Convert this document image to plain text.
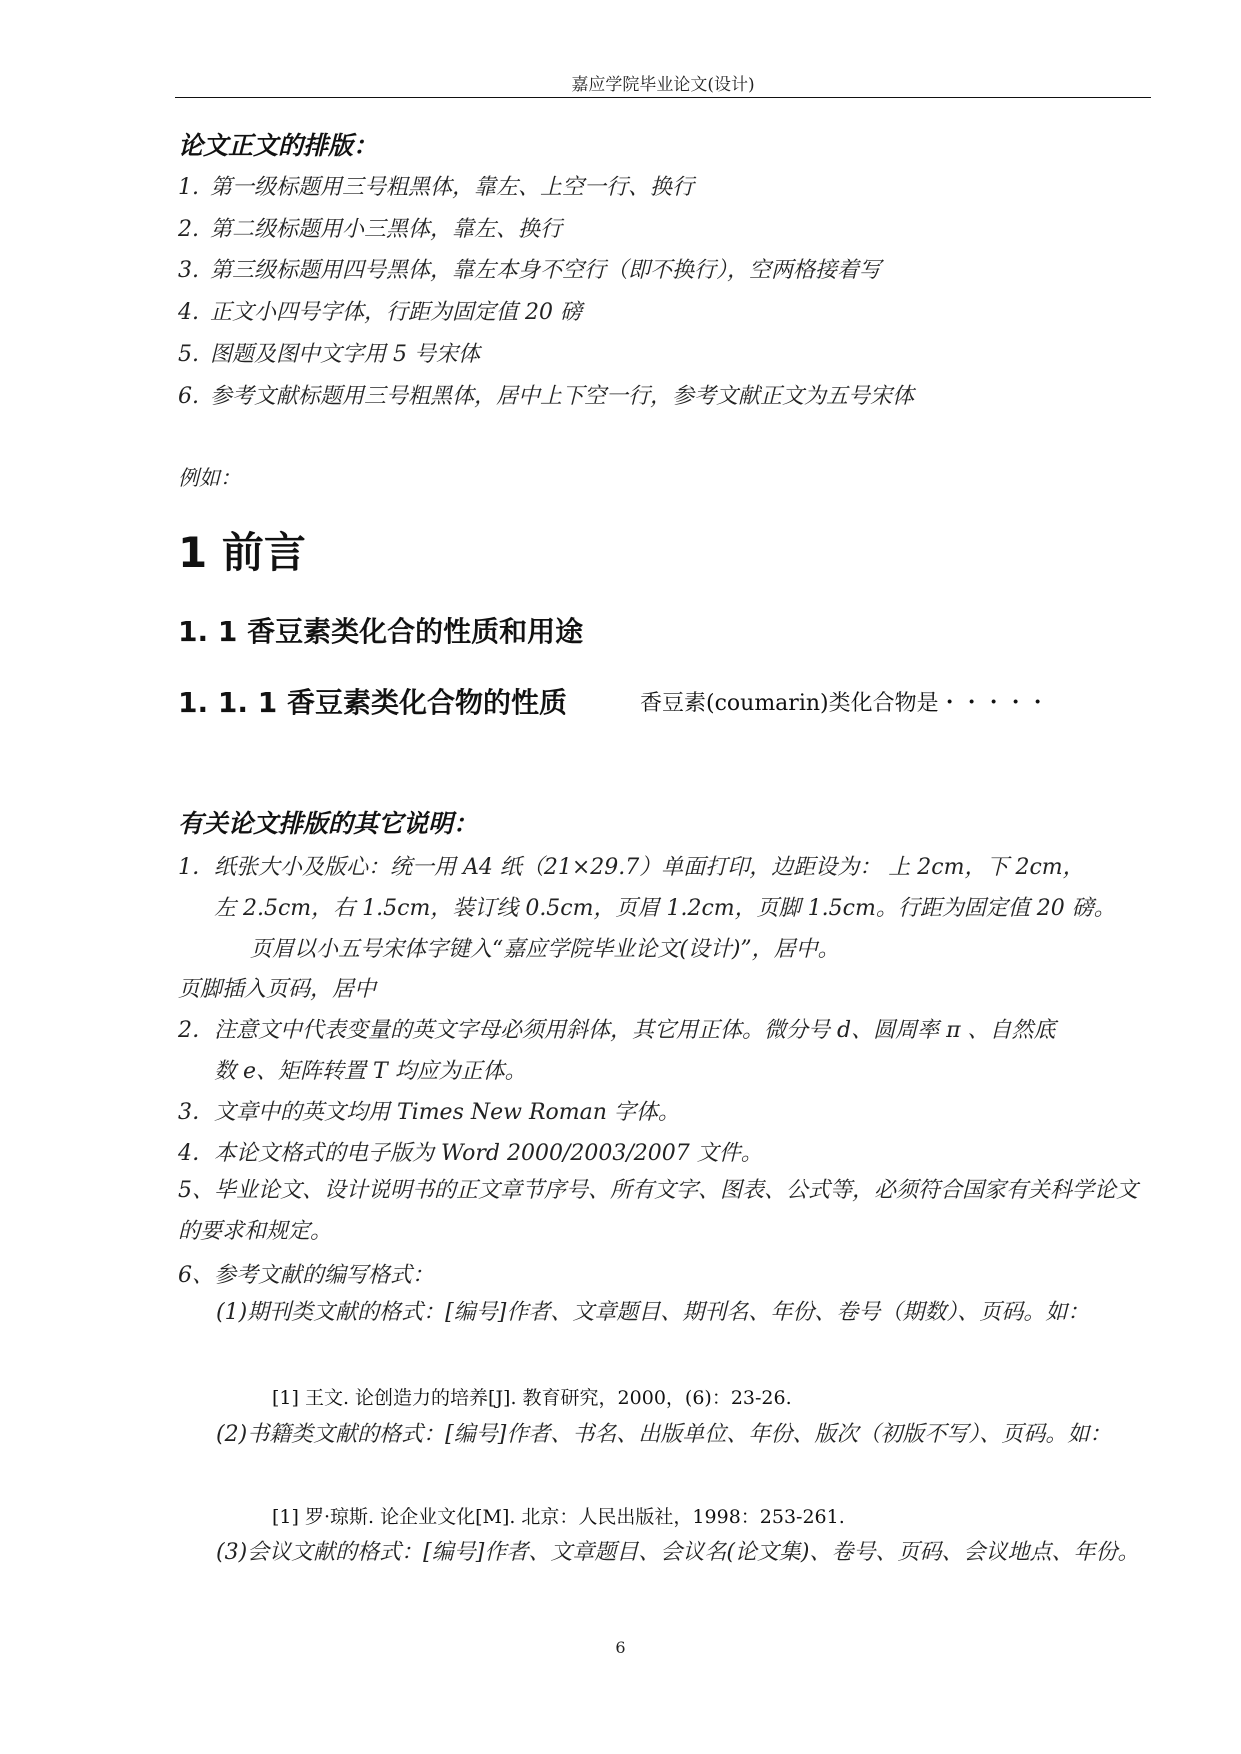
嘉应学院毕业论文(设计)
论文正文的排版：
1. 第一级标题用三号粗黑体，靠左、上空一行、换行
2. 第二级标题用小三黑体，靠左、换行
3. 第三级标题用四号黑体，靠左本身不空行（即不换行），空两格接着写
4. 正文小四号字体，行距为固定值 20 磅
5. 图题及图中文字用 5 号宋体
6. 参考文献标题用三号粗黑体，居中上下空一行，参考文献正文为五号宋体
例如：
1 前言
1. 1 香豆素类化合的性质和用途
1. 1. 1 香豆素类化合物的性质	香豆素(coumarin)类化合物是・・・・・
有关论文排版的其它说明：
1．纸张大小及版心：统一用 A4 纸（21×29.7）单面打印，边距设为： 上 2cm，下 2cm，
左 2.5cm，右 1.5cm，装订线 0.5cm，页眉 1.2cm，页脚 1.5cm。行距为固定值 20 磅。
页眉以小五号宋体字键入“嘉应学院毕业论文(设计)”，居中。
页脚插入页码，居中
2．注意文中代表变量的英文字母必须用斜体，其它用正体。微分号 d、圆周率 π 、自然底
数 e、矩阵转置 T 均应为正体。
3．文章中的英文均用 Times New Roman 字体。
4．本论文格式的电子版为 Word 2000/2003/2007 文件。
5、毕业论文、设计说明书的正文章节序号、所有文字、图表、公式等，必须符合国家有关科学论文的要求和规定。
6、参考文献的编写格式：
(1)期刊类文献的格式：[编号]作者、文章题目、期刊名、年份、卷号（期数）、页码。如：
[1] 王文. 论创造力的培养[J]. 教育研究，2000，(6)：23-26.
(2)书籍类文献的格式：[编号]作者、书名、出版单位、年份、版次（初版不写）、页码。如：
[1] 罗·琼斯. 论企业文化[M]. 北京：人民出版社，1998：253-261.
(3)会议文献的格式：[编号]作者、文章题目、会议名(论文集)、卷号、页码、会议地点、年份。
6
